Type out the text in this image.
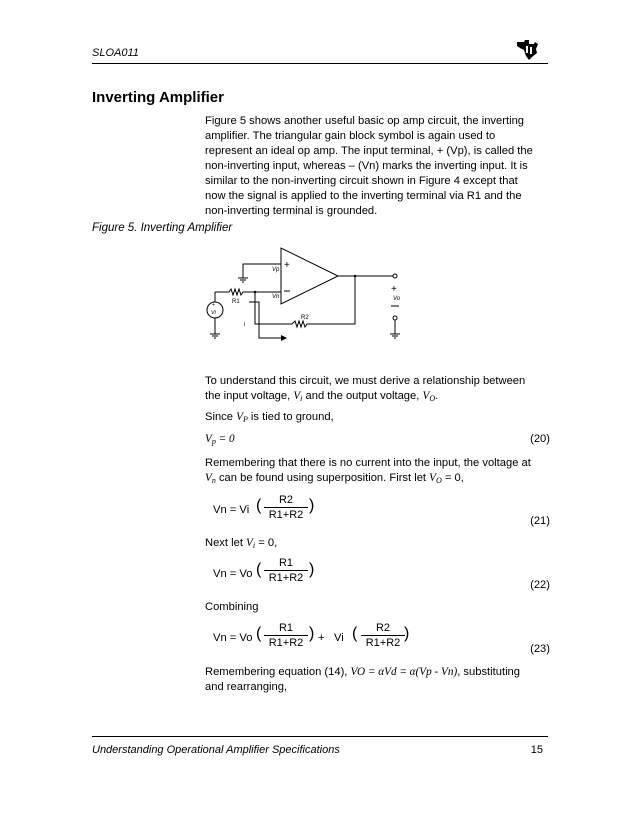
SLOA011
Inverting Amplifier
Figure 5 shows another useful basic op amp circuit, the inverting
amplifier. The triangular gain block symbol is again used to
represent an ideal op amp. The input terminal, + (Vp), is called the
non-inverting input, whereas – (Vn) marks the inverting input. It is
similar to the non-inverting circuit shown in Figure 4 except that
now the signal is applied to the inverting terminal via R1 and the
non-inverting terminal is grounded.
Figure 5. Inverting Amplifier
+
Vp
Vn
R1
+
Vi
R2
+
Vo
i
To understand this circuit, we must derive a relationship between
the input voltage, $V_i$ and the output voltage, $V_O$.
Since $V_P$ is tied to ground,
$V_p = 0$	(20)
Remembering that there is no current into the input, the voltage at
$V_n$ can be found using superposition. First let $V_O = 0$,
Vn = Vi ( $\frac{R2}{R1+R2}$ )
(21)
Next let $V_i = 0$,
Vn = Vo ( $\frac{R1}{R1+R2}$ )
(22)
Combining
Vn = Vo ( $\frac{R1}{R1+R2}$ ) + Vi ( $\frac{R2}{R1+R2}$ )
(23)
Remembering equation (14), VO = αVd = α(Vp - Vn), substituting
and rearranging,
Understanding Operational Amplifier Specifications	15
